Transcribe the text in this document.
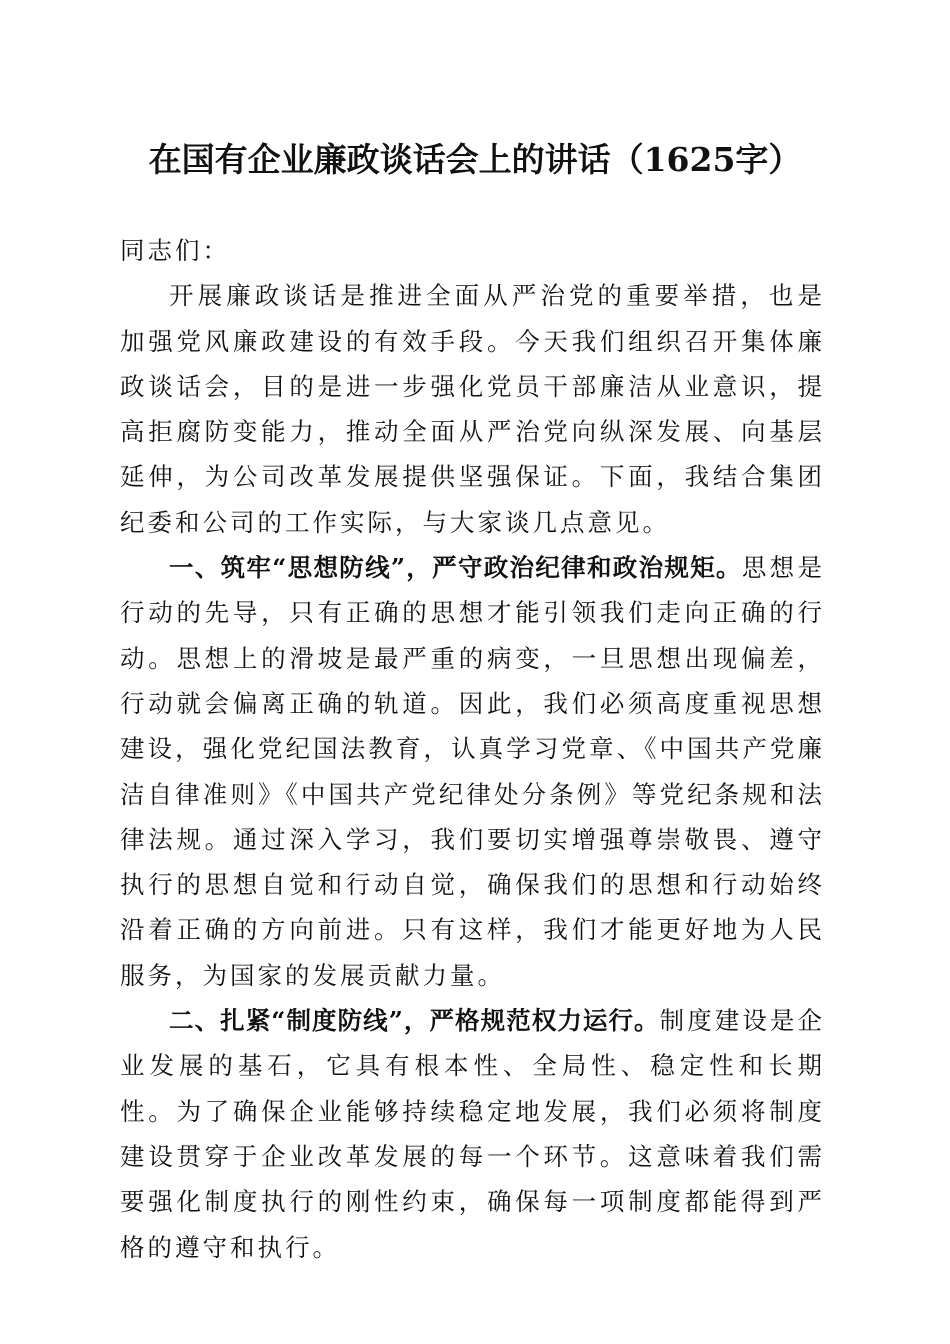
在国有企业廉政谈话会上的讲话（1625字）

同志们：

开展廉政谈话是推进全面从严治党的重要举措，也是加强党风廉政建设的有效手段。今天我们组织召开集体廉政谈话会，目的是进一步强化党员干部廉洁从业意识，提高拒腐防变能力，推动全面从严治党向纵深发展、向基层延伸，为公司改革发展提供坚强保证。下面，我结合集团纪委和公司的工作实际，与大家谈几点意见。

一、筑牢“思想防线”，严守政治纪律和政治规矩。思想是行动的先导，只有正确的思想才能引领我们走向正确的行动。思想上的滑坡是最严重的病变，一旦思想出现偏差，行动就会偏离正确的轨道。因此，我们必须高度重视思想建设，强化党纪国法教育，认真学习党章、《中国共产党廉洁自律准则》《中国共产党纪律处分条例》等党纪条规和法律法规。通过深入学习，我们要切实增强尊崇敬畏、遵守执行的思想自觉和行动自觉，确保我们的思想和行动始终沿着正确的方向前进。只有这样，我们才能更好地为人民服务，为国家的发展贡献力量。

二、扎紧“制度防线”，严格规范权力运行。制度建设是企业发展的基石，它具有根本性、全局性、稳定性和长期性。为了确保企业能够持续稳定地发展，我们必须将制度建设贯穿于企业改革发展的每一个环节。这意味着我们需要强化制度执行的刚性约束，确保每一项制度都能得到严格的遵守和执行。
